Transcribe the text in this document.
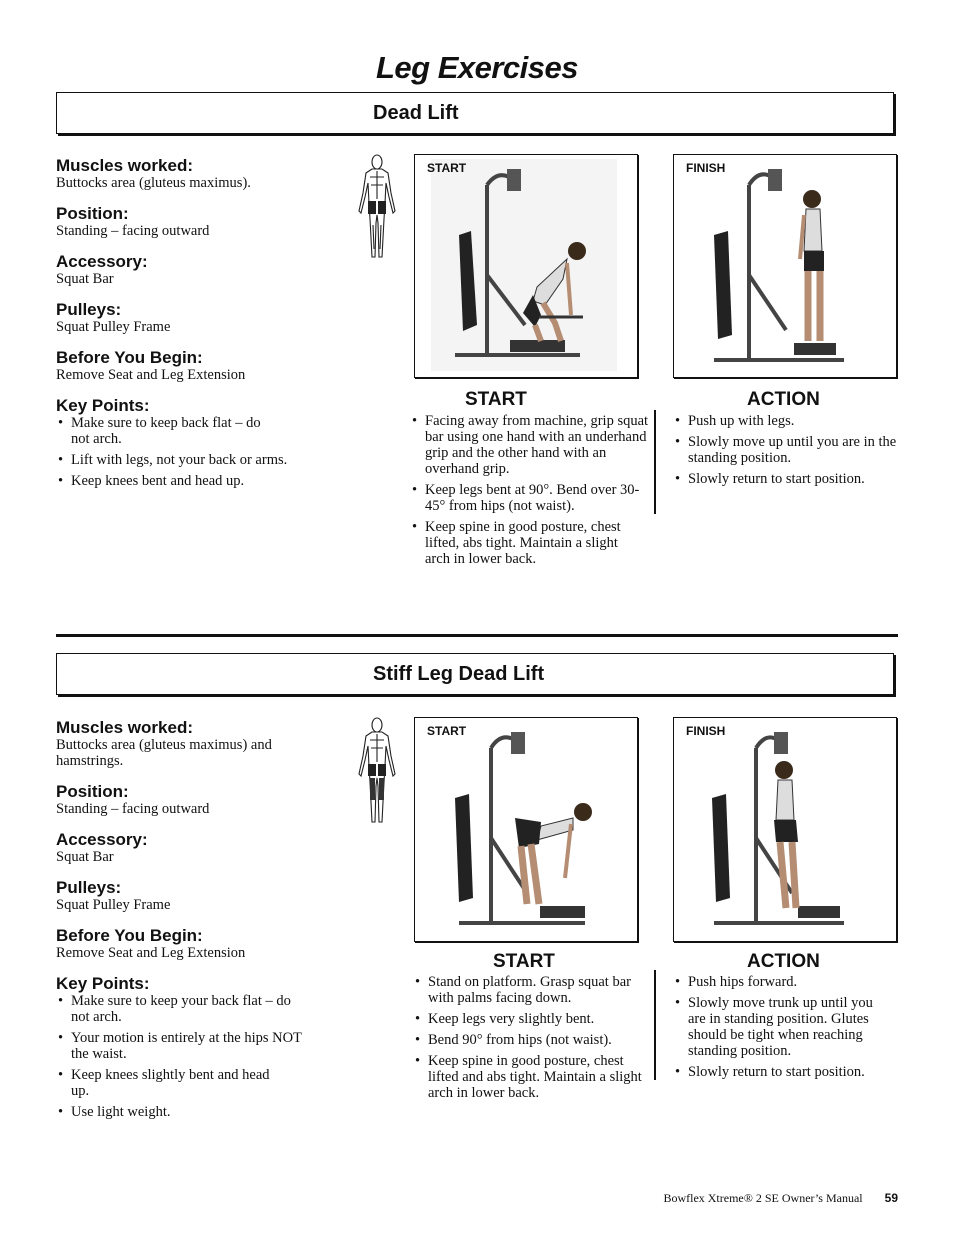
Leg Exercises
Dead Lift

Muscles worked:

Buttocks area (gluteus maximus).

Position:

Standing – facing outward

Accessory:

Squat Bar

Pulleys:

Squat Pulley Frame

Before You Begin:

Remove Seat and Leg Extension

Key Points:

• Make sure to keep back flat – do not arch.
• Lift with legs, not your back or arms.
• Keep knees bent and head up.
START	FINISH
START
• Facing away from machine, grip squat bar using one hand with an underhand grip and the other hand with an overhand grip.
• Keep legs bent at 90°. Bend over 30-45° from hips (not waist).
• Keep spine in good posture, chest lifted, abs tight. Maintain a slight arch in lower back.
ACTION
• Push up with legs.
• Slowly move up until you are in the standing position.
• Slowly return to start position.
Stiff Leg Dead Lift

Muscles worked:

Buttocks area (gluteus maximus) and hamstrings.

Position:

Standing – facing outward

Accessory:

Squat Bar

Pulleys:

Squat Pulley Frame

Before You Begin:

Remove Seat and Leg Extension

Key Points:

• Make sure to keep your back flat – do not arch.
• Your motion is entirely at the hips NOT the waist.
• Keep knees slightly bent and head up.
• Use light weight.
START	FINISH
START
• Stand on platform. Grasp squat bar with palms facing down.
• Keep legs very slightly bent.
• Bend 90° from hips (not waist).
• Keep spine in good posture, chest lifted and abs tight. Maintain a slight arch in lower back.
ACTION
• Push hips forward.
• Slowly move trunk up until you are in standing position. Glutes should be tight when reaching standing position.
• Slowly return to start position.
Bowflex Xtreme® 2 SE Owner’s Manual 59
